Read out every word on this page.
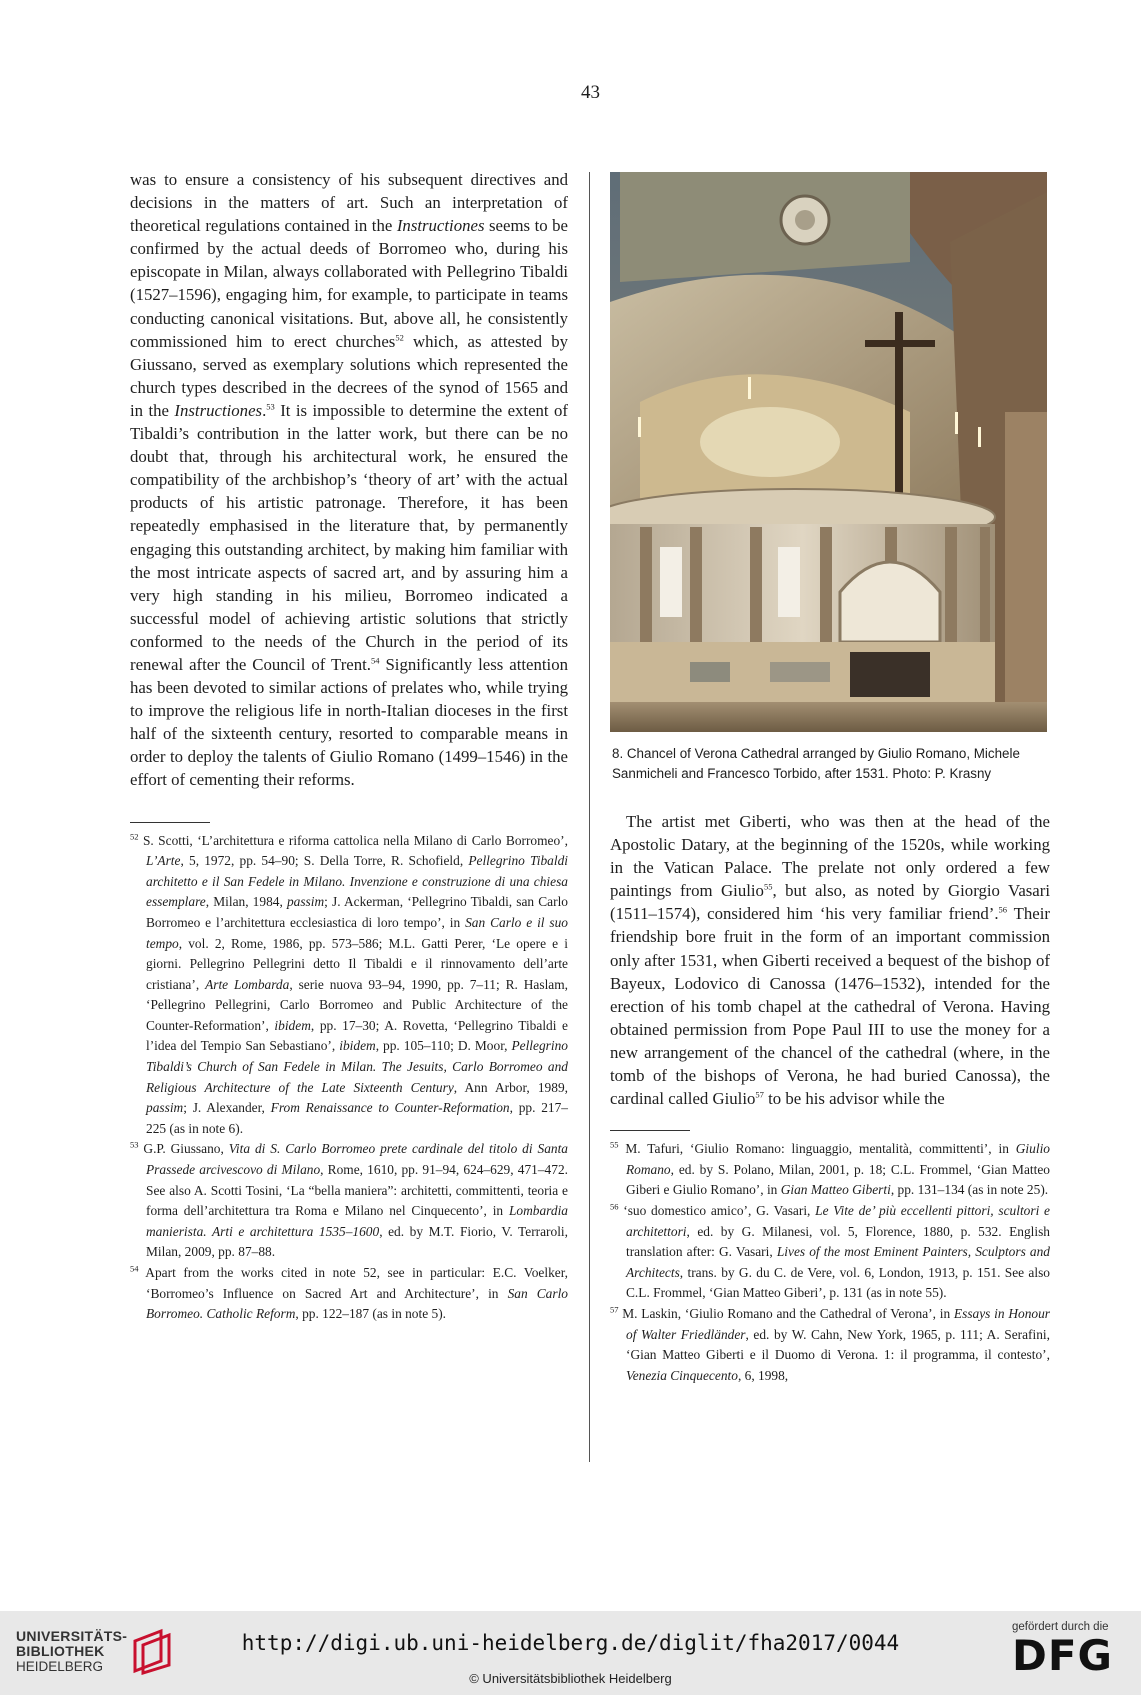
43

was to ensure a consistency of his subsequent directives and decisions in the matters of art. Such an interpretation of theoretical regulations contained in the Instructiones seems to be confirmed by the actual deeds of Borromeo who, during his episcopate in Milan, always collaborated with Pellegrino Tibaldi (1527–1596), engaging him, for example, to participate in teams conducting canonical visitations. But, above all, he consistently commissioned him to erect churches$^{52}$ which, as attested by Giussano, served as exemplary solutions which represented the church types described in the decrees of the synod of 1565 and in the Instructiones.$^{53}$ It is impossible to determine the extent of Tibaldi’s contribution in the latter work, but there can be no doubt that, through his architectural work, he ensured the compatibility of the archbishop’s ‘theory of art’ with the actual products of his artistic patronage. Therefore, it has been repeatedly emphasised in the literature that, by permanently engaging this outstanding architect, by making him familiar with the most intricate aspects of sacred art, and by assuring him a very high standing in his milieu, Borromeo indicated a successful model of achieving artistic solutions that strictly conformed to the needs of the Church in the period of its renewal after the Council of Trent.$^{54}$ Significantly less attention has been devoted to similar actions of prelates who, while trying to improve the religious life in north-Italian dioceses in the first half of the sixteenth century, resorted to comparable means in order to deploy the talents of Giulio Romano (1499–1546) in the effort of cementing their reforms.

$^{52}$ S. Scotti, ‘L’architettura e riforma cattolica nella Milano di Carlo Borromeo’, L’Arte, 5, 1972, pp. 54–90; S. Della Torre, R. Schofield, Pellegrino Tibaldi architetto e il San Fedele in Milano. Invenzione e construzione di una chiesa essemplare, Milan, 1984, passim; J. Ackerman, ‘Pellegrino Tibaldi, san Carlo Borromeo e l’architettura ecclesiastica di loro tempo’, in San Carlo e il suo tempo, vol. 2, Rome, 1986, pp. 573–586; M.L. Gatti Perer, ‘Le opere e i giorni. Pellegrino Pellegrini detto Il Tibaldi e il rinnovamento dell’arte cristiana’, Arte Lombarda, serie nuova 93–94, 1990, pp. 7–11; R. Haslam, ‘Pellegrino Pellegrini, Carlo Borromeo and Public Architecture of the Counter-Reformation’, ibidem, pp. 17–30; A. Rovetta, ‘Pellegrino Tibaldi e l’idea del Tempio San Sebastiano’, ibidem, pp. 105–110; D. Moor, Pellegrino Tibaldi’s Church of San Fedele in Milan. The Jesuits, Carlo Borromeo and Religious Architecture of the Late Sixteenth Century, Ann Arbor, 1989, passim; J. Alexander, From Renaissance to Counter-Reformation, pp. 217–225 (as in note 6).

$^{53}$ G.P. Giussano, Vita di S. Carlo Borromeo prete cardinale del titolo di Santa Prassede arcivescovo di Milano, Rome, 1610, pp. 91–94, 624–629, 471–472. See also A. Scotti Tosini, ‘La “bella maniera”: architetti, committenti, teoria e forma dell’architettura tra Roma e Milano nel Cinquecento’, in Lombardia manierista. Arti e architettura 1535–1600, ed. by M.T. Fiorio, V. Terraroli, Milan, 2009, pp. 87–88.

$^{54}$ Apart from the works cited in note 52, see in particular: E.C. Voelker, ‘Borromeo’s Influence on Sacred Art and Architecture’, in San Carlo Borromeo. Catholic Reform, pp. 122–187 (as in note 5).

8. Chancel of Verona Cathedral arranged by Giulio Romano, Michele Sanmicheli and Francesco Torbido, after 1531. Photo: P. Krasny

The artist met Giberti, who was then at the head of the Apostolic Datary, at the beginning of the 1520s, while working in the Vatican Palace. The prelate not only ordered a few paintings from Giulio$^{55}$, but also, as noted by Giorgio Vasari (1511–1574), considered him ‘his very familiar friend’.$^{56}$ Their friendship bore fruit in the form of an important commission only after 1531, when Giberti received a bequest of the bishop of Bayeux, Lodovico di Canossa (1476–1532), intended for the erection of his tomb chapel at the cathedral of Verona. Having obtained permission from Pope Paul III to use the money for a new arrangement of the chancel of the cathedral (where, in the tomb of the bishops of Verona, he had buried Canossa), the cardinal called Giulio$^{57}$ to be his advisor while the

$^{55}$ M. Tafuri, ‘Giulio Romano: linguaggio, mentalità, committenti’, in Giulio Romano, ed. by S. Polano, Milan, 2001, p. 18; C.L. Frommel, ‘Gian Matteo Giberi e Giulio Romano’, in Gian Matteo Giberti, pp. 131–134 (as in note 25).

$^{56}$ ‘suo domestico amico’, G. Vasari, Le Vite de’ più eccellenti pittori, scultori e architettori, ed. by G. Milanesi, vol. 5, Florence, 1880, p. 532. English translation after: G. Vasari, Lives of the most Eminent Painters, Sculptors and Architects, trans. by G. du C. de Vere, vol. 6, London, 1913, p. 151. See also C.L. Frommel, ‘Gian Matteo Giberi’, p. 131 (as in note 55).

$^{57}$ M. Laskin, ‘Giulio Romano and the Cathedral of Verona’, in Essays in Honour of Walter Friedländer, ed. by W. Cahn, New York, 1965, p. 111; A. Serafini, ‘Gian Matteo Giberti e il Duomo di Verona. 1: il programma, il contesto’, Venezia Cinquecento, 6, 1998,

UNIVERSITÄTS-
BIBLIOTHEK
HEIDELBERG
http://digi.ub.uni-heidelberg.de/diglit/fha2017/0044
© Universitätsbibliothek Heidelberg
gefördert durch die
DFG
